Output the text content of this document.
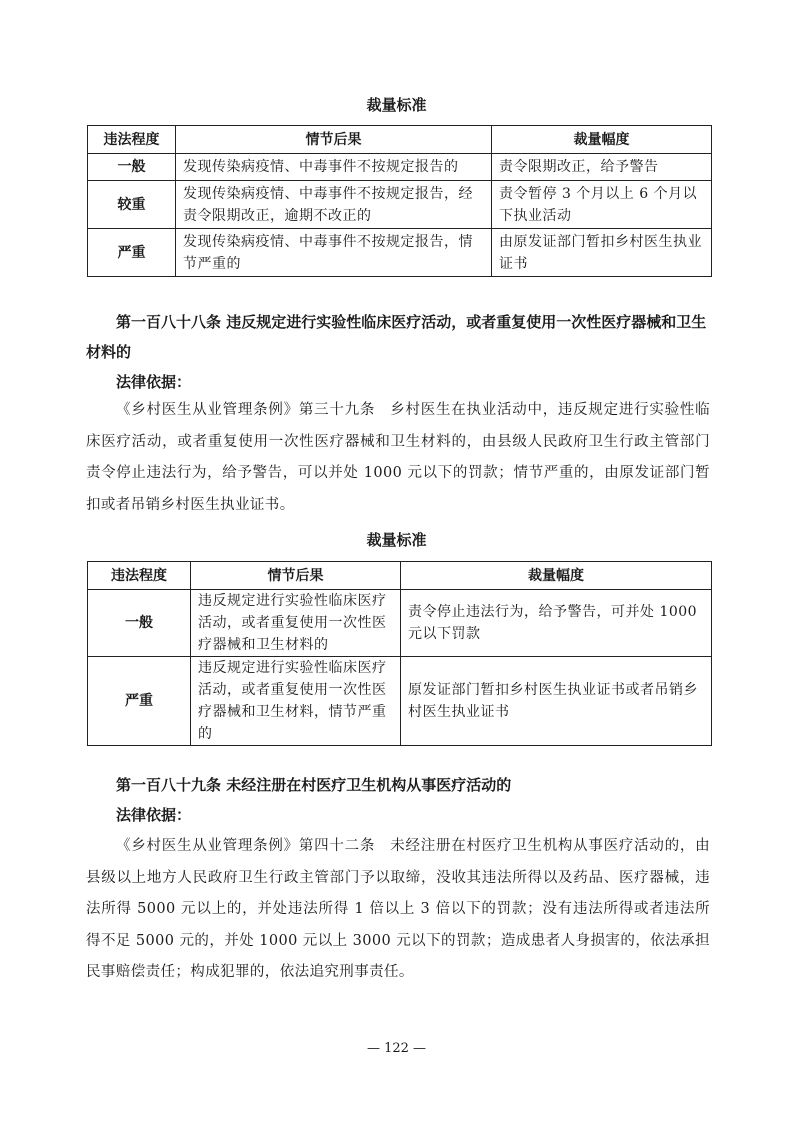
裁量标准
违法程度	情节后果	裁量幅度
一般	发现传染病疫情、中毒事件不按规定报告的	责令限期改正，给予警告
较重	发现传染病疫情、中毒事件不按规定报告，经责令限期改正，逾期不改正的	责令暂停 3 个月以上 6 个月以下执业活动
严重	发现传染病疫情、中毒事件不按规定报告，情节严重的	由原发证部门暂扣乡村医生执业证书
第一百八十八条 违反规定进行实验性临床医疗活动，或者重复使用一次性医疗器械和卫生材料的
法律依据：
《乡村医生从业管理条例》第三十九条　乡村医生在执业活动中，违反规定进行实验性临床医疗活动，或者重复使用一次性医疗器械和卫生材料的，由县级人民政府卫生行政主管部门责令停止违法行为，给予警告，可以并处 1000 元以下的罚款；情节严重的，由原发证部门暂扣或者吊销乡村医生执业证书。
裁量标准
违法程度	情节后果	裁量幅度
一般	违反规定进行实验性临床医疗活动，或者重复使用一次性医疗器械和卫生材料的	责令停止违法行为，给予警告，可并处 1000 元以下罚款
严重	违反规定进行实验性临床医疗活动，或者重复使用一次性医疗器械和卫生材料，情节严重的	原发证部门暂扣乡村医生执业证书或者吊销乡村医生执业证书
第一百八十九条 未经注册在村医疗卫生机构从事医疗活动的
法律依据：
《乡村医生从业管理条例》第四十二条　未经注册在村医疗卫生机构从事医疗活动的，由县级以上地方人民政府卫生行政主管部门予以取缔，没收其违法所得以及药品、医疗器械，违法所得 5000 元以上的，并处违法所得 1 倍以上 3 倍以下的罚款；没有违法所得或者违法所得不足 5000 元的，并处 1000 元以上 3000 元以下的罚款；造成患者人身损害的，依法承担民事赔偿责任；构成犯罪的，依法追究刑事责任。
— 122 —
